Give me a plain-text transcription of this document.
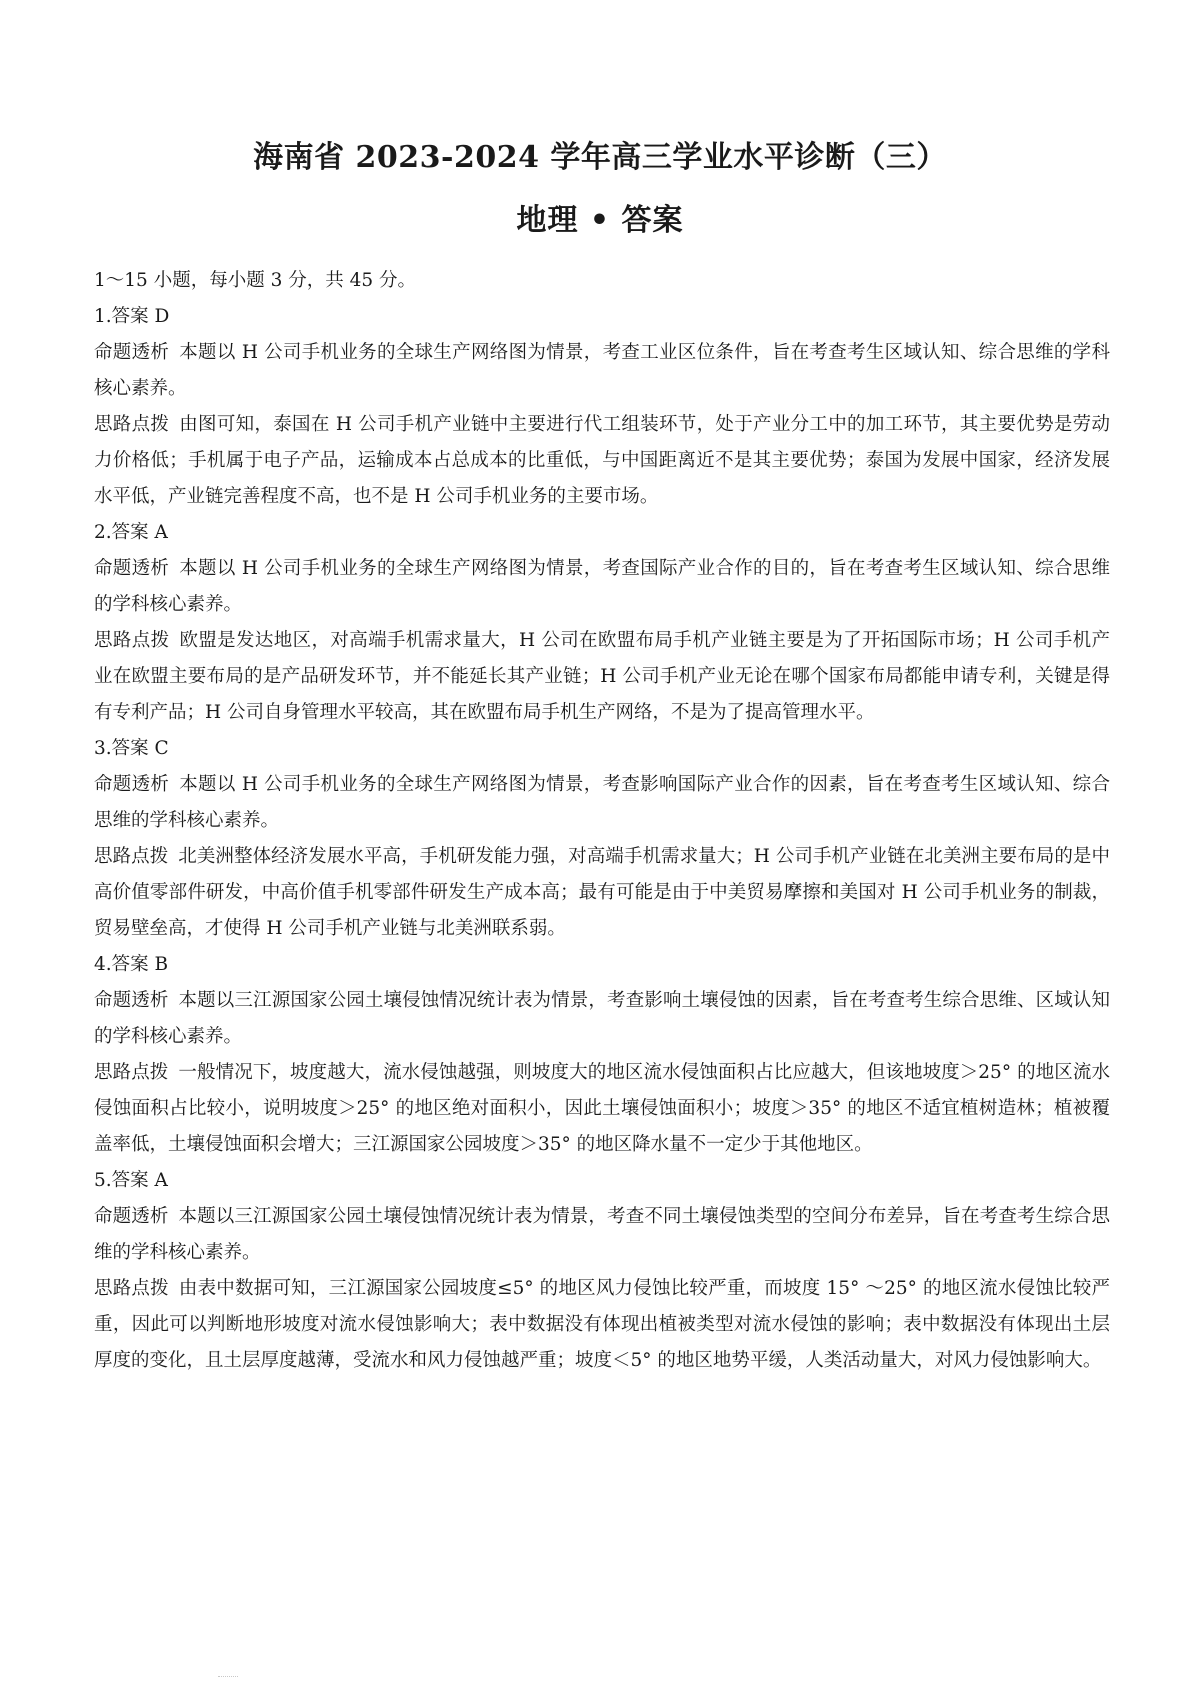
海南省 2023-2024 学年高三学业水平诊断（三）
地理 • 答案

1～15 小题，每小题 3 分，共 45 分。

1.答案 D

命题透析 本题以 H 公司手机业务的全球生产网络图为情景，考查工业区位条件，旨在考查考生区域认知、综合思维的学科核心素养。

思路点拨 由图可知，泰国在 H 公司手机产业链中主要进行代工组装环节，处于产业分工中的加工环节，其主要优势是劳动力价格低；手机属于电子产品，运输成本占总成本的比重低，与中国距离近不是其主要优势；泰国为发展中国家，经济发展水平低，产业链完善程度不高，也不是 H 公司手机业务的主要市场。

2.答案 A

命题透析 本题以 H 公司手机业务的全球生产网络图为情景，考查国际产业合作的目的，旨在考查考生区域认知、综合思维的学科核心素养。

思路点拨 欧盟是发达地区，对高端手机需求量大，H 公司在欧盟布局手机产业链主要是为了开拓国际市场；H 公司手机产业在欧盟主要布局的是产品研发环节，并不能延长其产业链；H 公司手机产业无论在哪个国家布局都能申请专利，关键是得有专利产品；H 公司自身管理水平较高，其在欧盟布局手机生产网络，不是为了提高管理水平。

3.答案 C

命题透析 本题以 H 公司手机业务的全球生产网络图为情景，考查影响国际产业合作的因素，旨在考查考生区域认知、综合思维的学科核心素养。

思路点拨 北美洲整体经济发展水平高，手机研发能力强，对高端手机需求量大；H 公司手机产业链在北美洲主要布局的是中高价值零部件研发，中高价值手机零部件研发生产成本高；最有可能是由于中美贸易摩擦和美国对 H 公司手机业务的制裁，贸易壁垒高，才使得 H 公司手机产业链与北美洲联系弱。

4.答案 B

命题透析 本题以三江源国家公园土壤侵蚀情况统计表为情景，考查影响土壤侵蚀的因素，旨在考查考生综合思维、区域认知的学科核心素养。

思路点拨 一般情况下，坡度越大，流水侵蚀越强，则坡度大的地区流水侵蚀面积占比应越大，但该地坡度＞25° 的地区流水侵蚀面积占比较小，说明坡度＞25° 的地区绝对面积小，因此土壤侵蚀面积小；坡度＞35° 的地区不适宜植树造林；植被覆盖率低，土壤侵蚀面积会增大；三江源国家公园坡度＞35° 的地区降水量不一定少于其他地区。

5.答案 A

命题透析 本题以三江源国家公园土壤侵蚀情况统计表为情景，考查不同土壤侵蚀类型的空间分布差异，旨在考查考生综合思维的学科核心素养。

思路点拨 由表中数据可知，三江源国家公园坡度≤5° 的地区风力侵蚀比较严重，而坡度 15° ～25° 的地区流水侵蚀比较严重，因此可以判断地形坡度对流水侵蚀影响大；表中数据没有体现出植被类型对流水侵蚀的影响；表中数据没有体现出土层厚度的变化，且土层厚度越薄，受流水和风力侵蚀越严重；坡度＜5° 的地区地势平缓，人类活动量大，对风力侵蚀影响大。
